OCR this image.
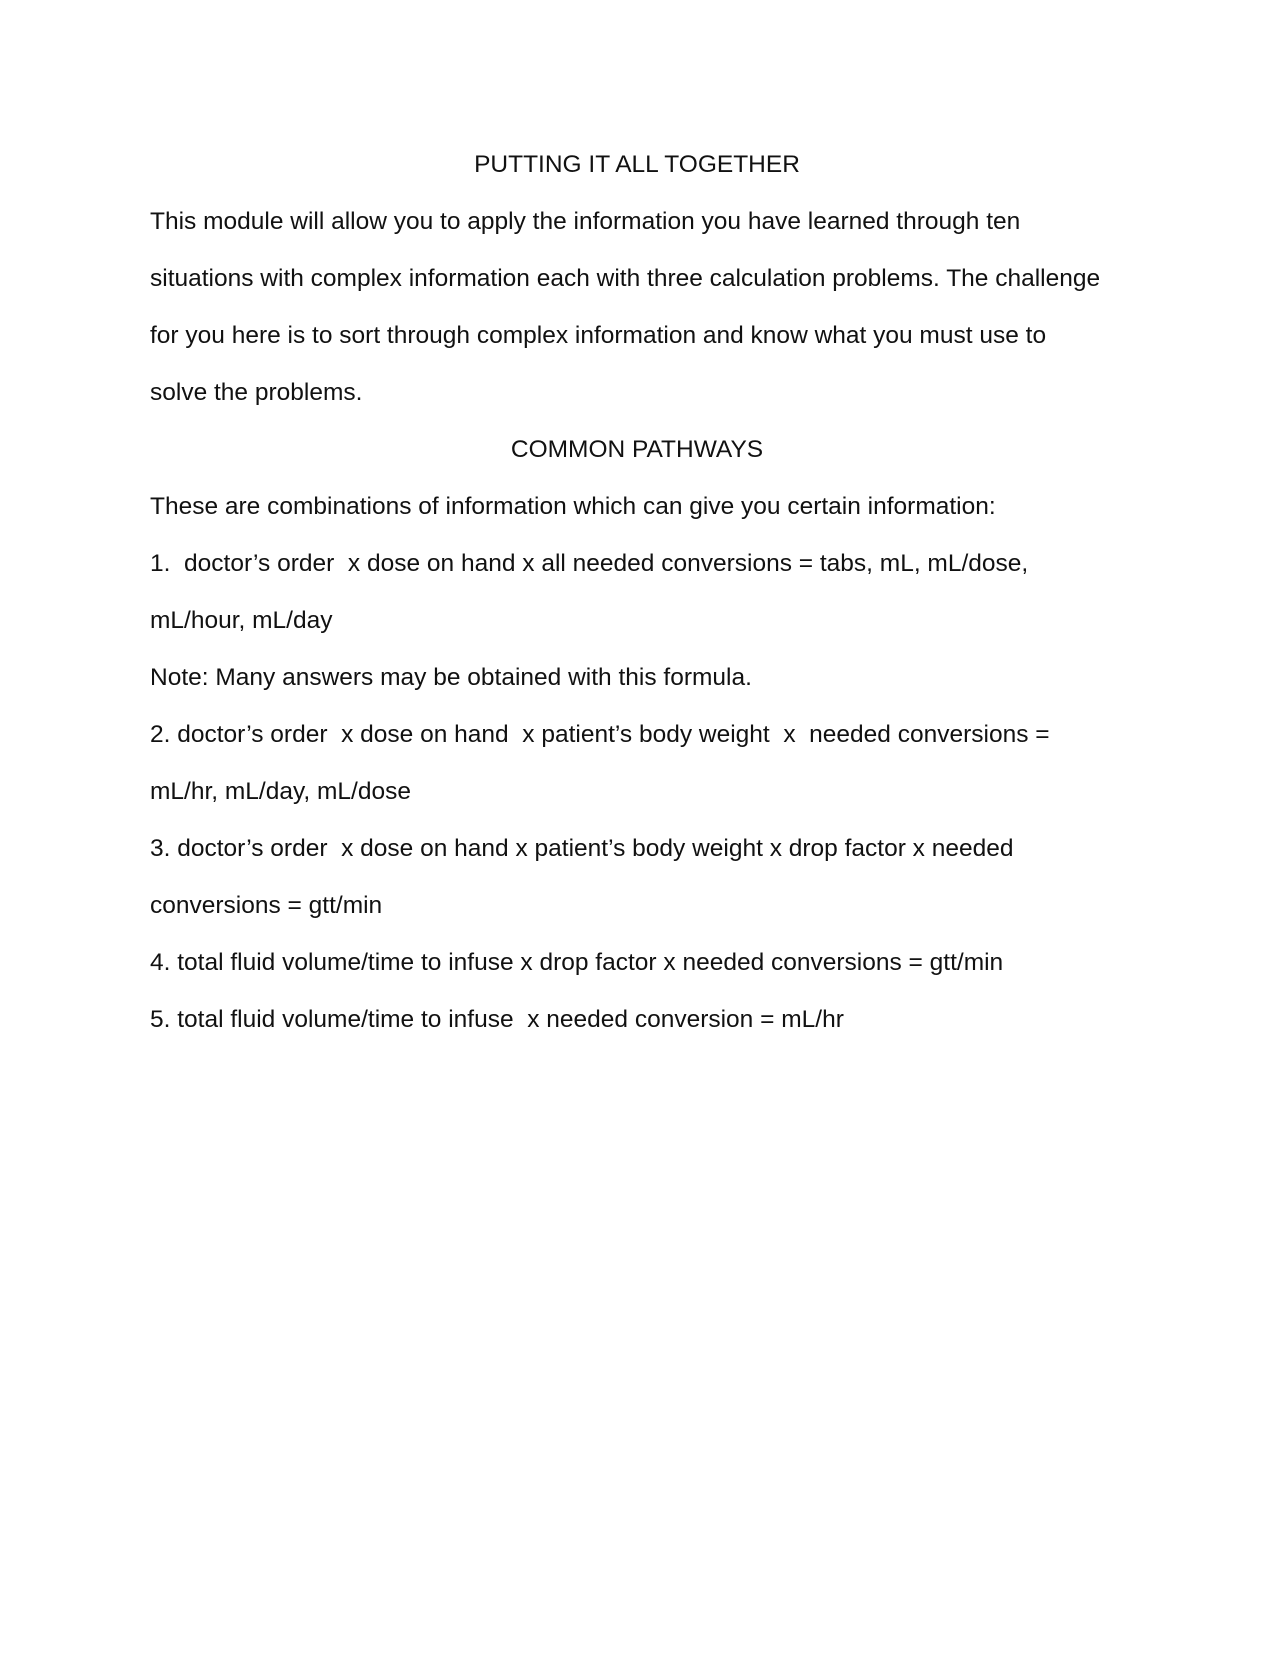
PUTTING IT ALL TOGETHER
This module will allow you to apply the information you have learned through ten
situations with complex information each with three calculation problems. The challenge
for you here is to sort through complex information and know what you must use to
solve the problems.
COMMON PATHWAYS
These are combinations of information which can give you certain information:
1.  doctor’s order  x dose on hand x all needed conversions = tabs, mL, mL/dose,
mL/hour, mL/day
Note: Many answers may be obtained with this formula.
2. doctor’s order  x dose on hand  x patient’s body weight  x  needed conversions =
mL/hr, mL/day, mL/dose
3. doctor’s order  x dose on hand x patient’s body weight x drop factor x needed
conversions = gtt/min
4. total fluid volume/time to infuse x drop factor x needed conversions = gtt/min
5. total fluid volume/time to infuse  x needed conversion = mL/hr
